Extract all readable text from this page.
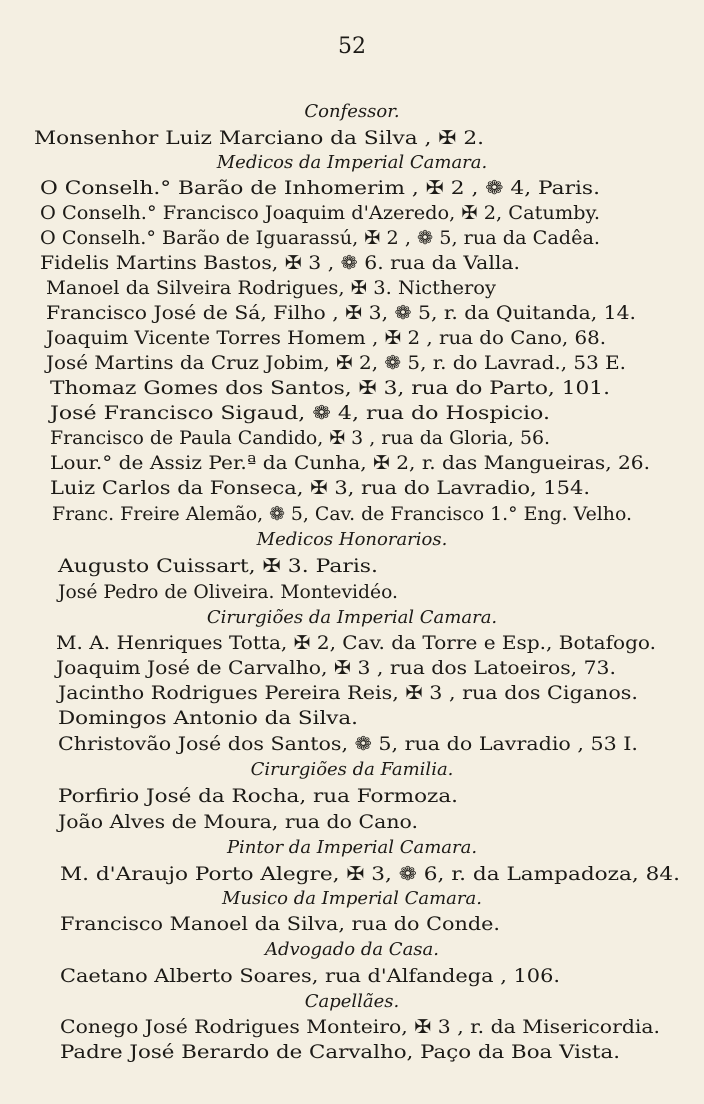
52
Confessor.
Monsenhor Luiz Marciano da Silva , ✠ 2.
Medicos da Imperial Camara.
O Conselh.° Barão de Inhomerim , ✠ 2 , ❁ 4, Paris.
O Conselh.° Francisco Joaquim d'Azeredo, ✠ 2, Catumby.
O Conselh.° Barão de Iguarassú, ✠ 2 , ❁ 5, rua da Cadêa.
Fidelis Martins Bastos, ✠ 3 , ❁ 6. rua da Valla.
Manoel da Silveira Rodrigues, ✠ 3. Nictheroy
Francisco José de Sá, Filho , ✠ 3, ❁ 5, r. da Quitanda, 14.
Joaquim Vicente Torres Homem , ✠ 2 , rua do Cano, 68.
José Martins da Cruz Jobim, ✠ 2, ❁ 5, r. do Lavrad., 53 E.
Thomaz Gomes dos Santos, ✠ 3, rua do Parto, 101.
José Francisco Sigaud, ❁ 4, rua do Hospicio.
Francisco de Paula Candido, ✠ 3 , rua da Gloria, 56.
Lour.° de Assiz Per.ª da Cunha, ✠ 2, r. das Mangueiras, 26.
Luiz Carlos da Fonseca, ✠ 3, rua do Lavradio, 154.
Franc. Freire Alemão, ❁ 5, Cav. de Francisco 1.° Eng. Velho.
Medicos Honorarios.
Augusto Cuissart, ✠ 3. Paris.
José Pedro de Oliveira. Montevidéo.
Cirurgiões da Imperial Camara.
M. A. Henriques Totta, ✠ 2, Cav. da Torre e Esp., Botafogo.
Joaquim José de Carvalho, ✠ 3 , rua dos Latoeiros, 73.
Jacintho Rodrigues Pereira Reis, ✠ 3 , rua dos Ciganos.
Domingos Antonio da Silva.
Christovão José dos Santos, ❁ 5, rua do Lavradio , 53 I.
Cirurgiões da Familia.
Porfirio José da Rocha, rua Formoza.
João Alves de Moura, rua do Cano.
Pintor da Imperial Camara.
M. d'Araujo Porto Alegre, ✠ 3, ❁ 6, r. da Lampadoza, 84.
Musico da Imperial Camara.
Francisco Manoel da Silva, rua do Conde.
Advogado da Casa.
Caetano Alberto Soares, rua d'Alfandega , 106.
Capellães.
Conego José Rodrigues Monteiro, ✠ 3 , r. da Misericordia.
Padre José Berardo de Carvalho, Paço da Boa Vista.
